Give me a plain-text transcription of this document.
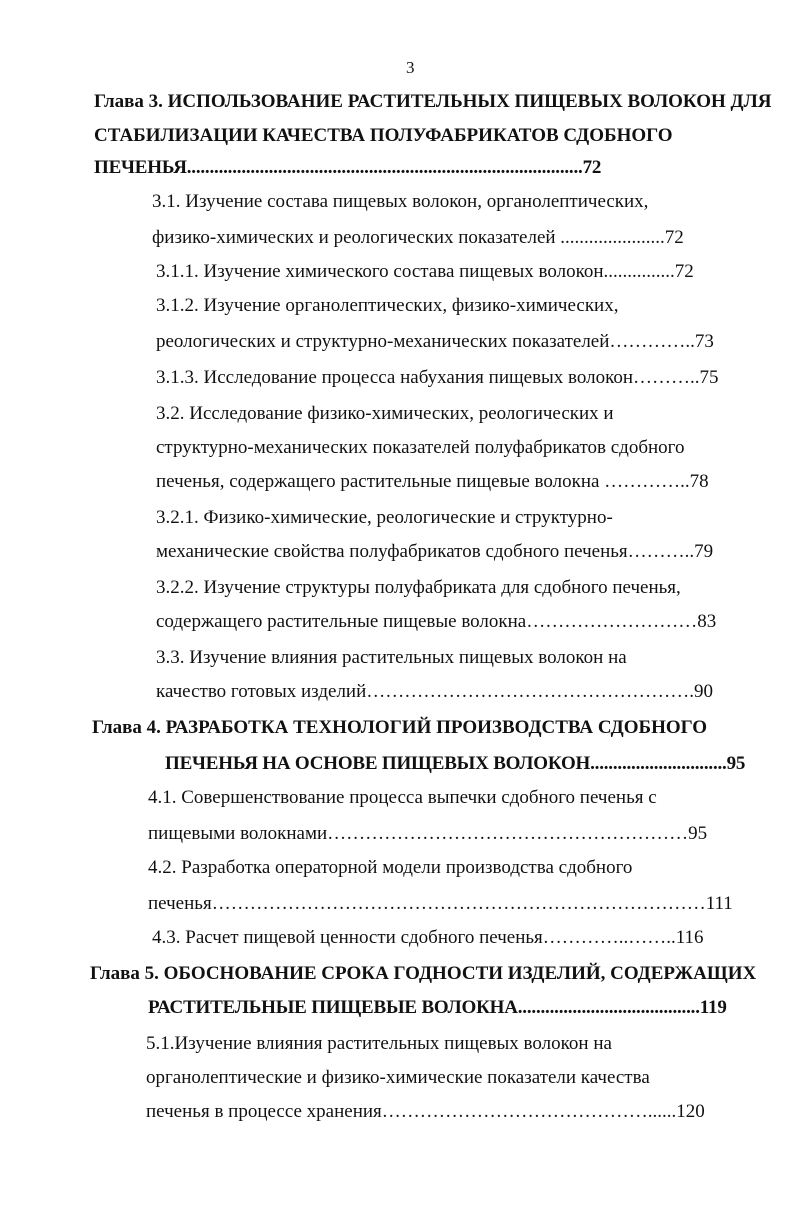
3
Глава 3. ИСПОЛЬЗОВАНИЕ РАСТИТЕЛЬНЫХ ПИЩЕВЫХ ВОЛОКОН ДЛЯ
СТАБИЛИЗАЦИИ КАЧЕСТВА ПОЛУФАБРИКАТОВ СДОБНОГО
ПЕЧЕНЬЯ.......................................................................................72
3.1. Изучение состава пищевых волокон, органолептических,
физико-химических и реологических показателей ......................72
3.1.1. Изучение химического состава пищевых волокон...............72
3.1.2. Изучение органолептических, физико-химических,
реологических и структурно-механических показателей…………..73
3.1.3. Исследование процесса набухания пищевых волокон………..75
3.2. Исследование физико-химических, реологических и
структурно-механических показателей полуфабрикатов сдобного
печенья, содержащего растительные пищевые волокна …………..78
3.2.1. Физико-химические, реологические и структурно-
механические свойства полуфабрикатов сдобного печенья………..79
3.2.2. Изучение структуры полуфабриката для сдобного печенья,
содержащего растительные пищевые волокна………………………83
3.3. Изучение влияния растительных пищевых волокон на
качество готовых изделий…………………………………………….90
Глава 4. РАЗРАБОТКА ТЕХНОЛОГИЙ ПРОИЗВОДСТВА СДОБНОГО
ПЕЧЕНЬЯ НА ОСНОВЕ ПИЩЕВЫХ ВОЛОКОН..............................95
4.1. Совершенствование процесса выпечки сдобного печенья с
пищевыми волокнами…………………………………………………95
4.2. Разработка операторной модели производства сдобного
печенья……………………………………………………………………111
4.3. Расчет пищевой ценности сдобного печенья…………..……..116
Глава 5. ОБОСНОВАНИЕ СРОКА ГОДНОСТИ ИЗДЕЛИЙ, СОДЕРЖАЩИХ
РАСТИТЕЛЬНЫЕ ПИЩЕВЫЕ ВОЛОКНА........................................119
5.1.Изучение влияния растительных пищевых волокон на
органолептические и физико-химические показатели качества
печенья в процессе хранения……………………………………......120
